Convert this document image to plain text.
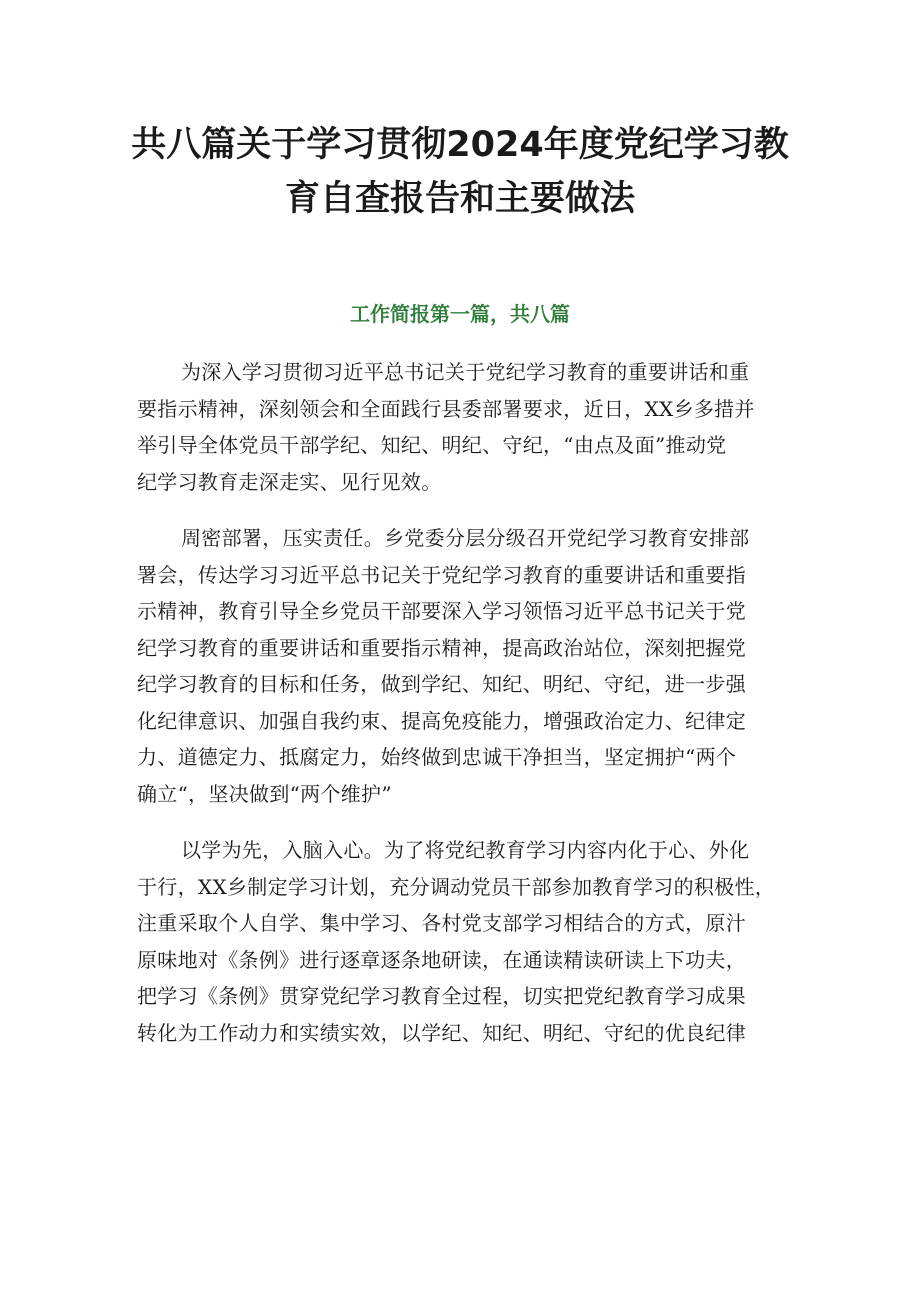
共八篇关于学习贯彻2024年度党纪学习教
育自查报告和主要做法
工作简报第一篇，共八篇
为深入学习贯彻习近平总书记关于党纪学习教育的重要讲话和重
要指示精神，深刻领会和全面践行县委部署要求，近日，XX乡多措并
举引导全体党员干部学纪、知纪、明纪、守纪，“由点及面”推动党
纪学习教育走深走实、见行见效。
周密部署，压实责任。乡党委分层分级召开党纪学习教育安排部
署会，传达学习习近平总书记关于党纪学习教育的重要讲话和重要指
示精神，教育引导全乡党员干部要深入学习领悟习近平总书记关于党
纪学习教育的重要讲话和重要指示精神，提高政治站位，深刻把握党
纪学习教育的目标和任务，做到学纪、知纪、明纪、守纪，进一步强
化纪律意识、加强自我约束、提高免疫能力，增强政治定力、纪律定
力、道德定力、抵腐定力，始终做到忠诚干净担当，坚定拥护“两个
确立“，坚决做到“两个维护”
以学为先，入脑入心。为了将党纪教育学习内容内化于心、外化
于行，XX乡制定学习计划，充分调动党员干部参加教育学习的积极性，
注重采取个人自学、集中学习、各村党支部学习相结合的方式，原汁
原味地对《条例》进行逐章逐条地研读，在通读精读研读上下功夫，
把学习《条例》贯穿党纪学习教育全过程，切实把党纪教育学习成果
转化为工作动力和实绩实效，以学纪、知纪、明纪、守纪的优良纪律
